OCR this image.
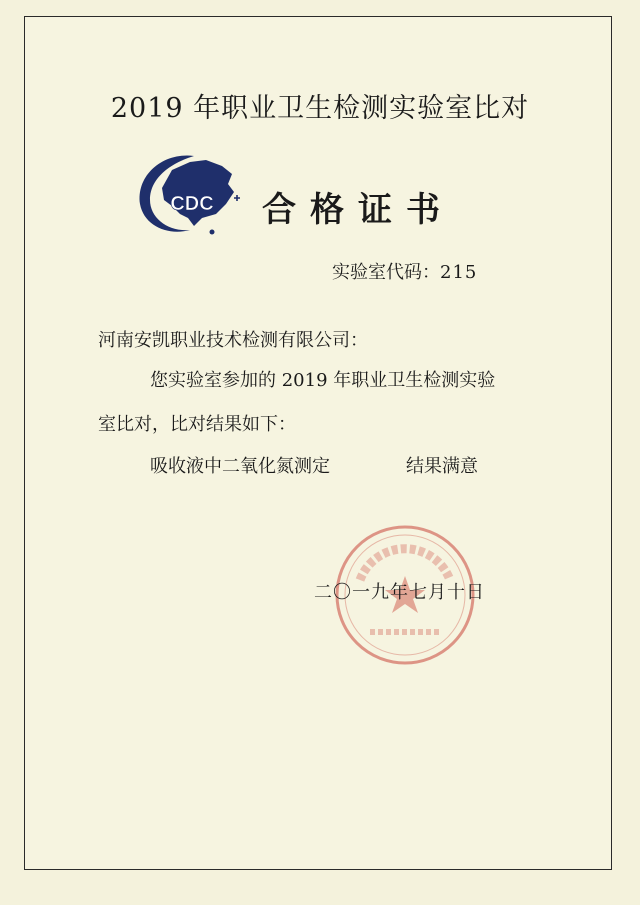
2019 年职业卫生检测实验室比对
CDC 合格证书
实验室代码：215
河南安凯职业技术检测有限公司：
您实验室参加的 2019 年职业卫生检测实验
室比对，比对结果如下：
吸收液中二氧化氮测定	结果满意
二〇一九年七月十日
